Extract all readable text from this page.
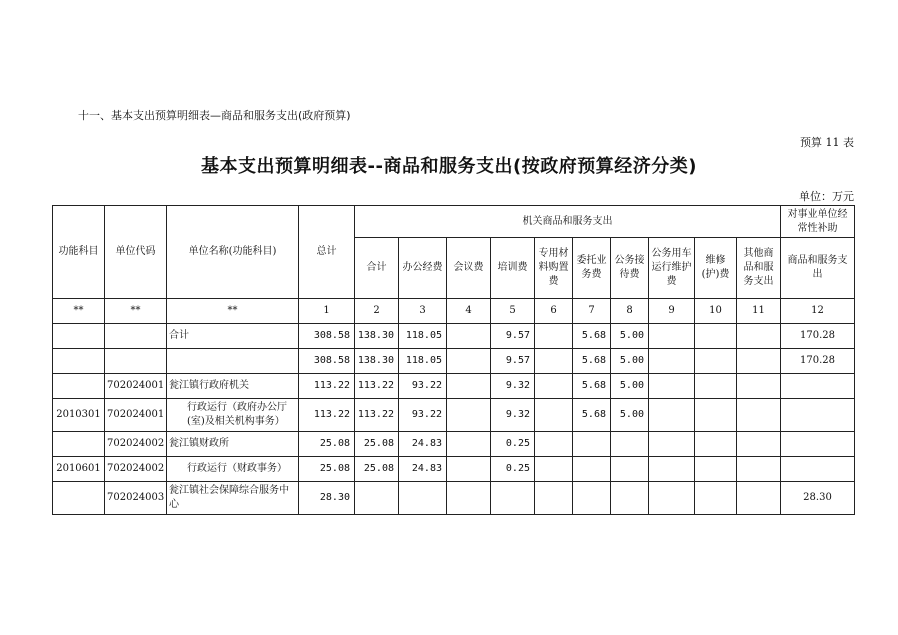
十一、基本支出预算明细表—商品和服务支出(政府预算)
预算 11 表
基本支出预算明细表--商品和服务支出(按政府预算经济分类)
单位：万元
功能科目	单位代码	单位名称(功能科目)	总计	机关商品和服务支出										对事业单位经常性补助
				合计	办公经费	会议费	培训费	专用材料购置费	委托业务费	公务接待费	公务用车运行维护费	维修(护)费	其他商品和服务支出	商品和服务支出
**	**	**	1	2	3	4	5	6	7	8	9	10	11	12
		合计	308.58	138.30	118.05		9.57		5.68	5.00				170.28
			308.58	138.30	118.05		9.57		5.68	5.00				170.28
	702024001	瓮江镇行政府机关	113.22	113.22	93.22		9.32		5.68	5.00				
2010301	702024001	行政运行（政府办公厅(室)及相关机构事务）	113.22	113.22	93.22		9.32		5.68	5.00				
	702024002	瓮江镇财政所	25.08	25.08	24.83		0.25							
2010601	702024002	行政运行（财政事务）	25.08	25.08	24.83		0.25							
	702024003	瓮江镇社会保障综合服务中心	28.30											28.30
